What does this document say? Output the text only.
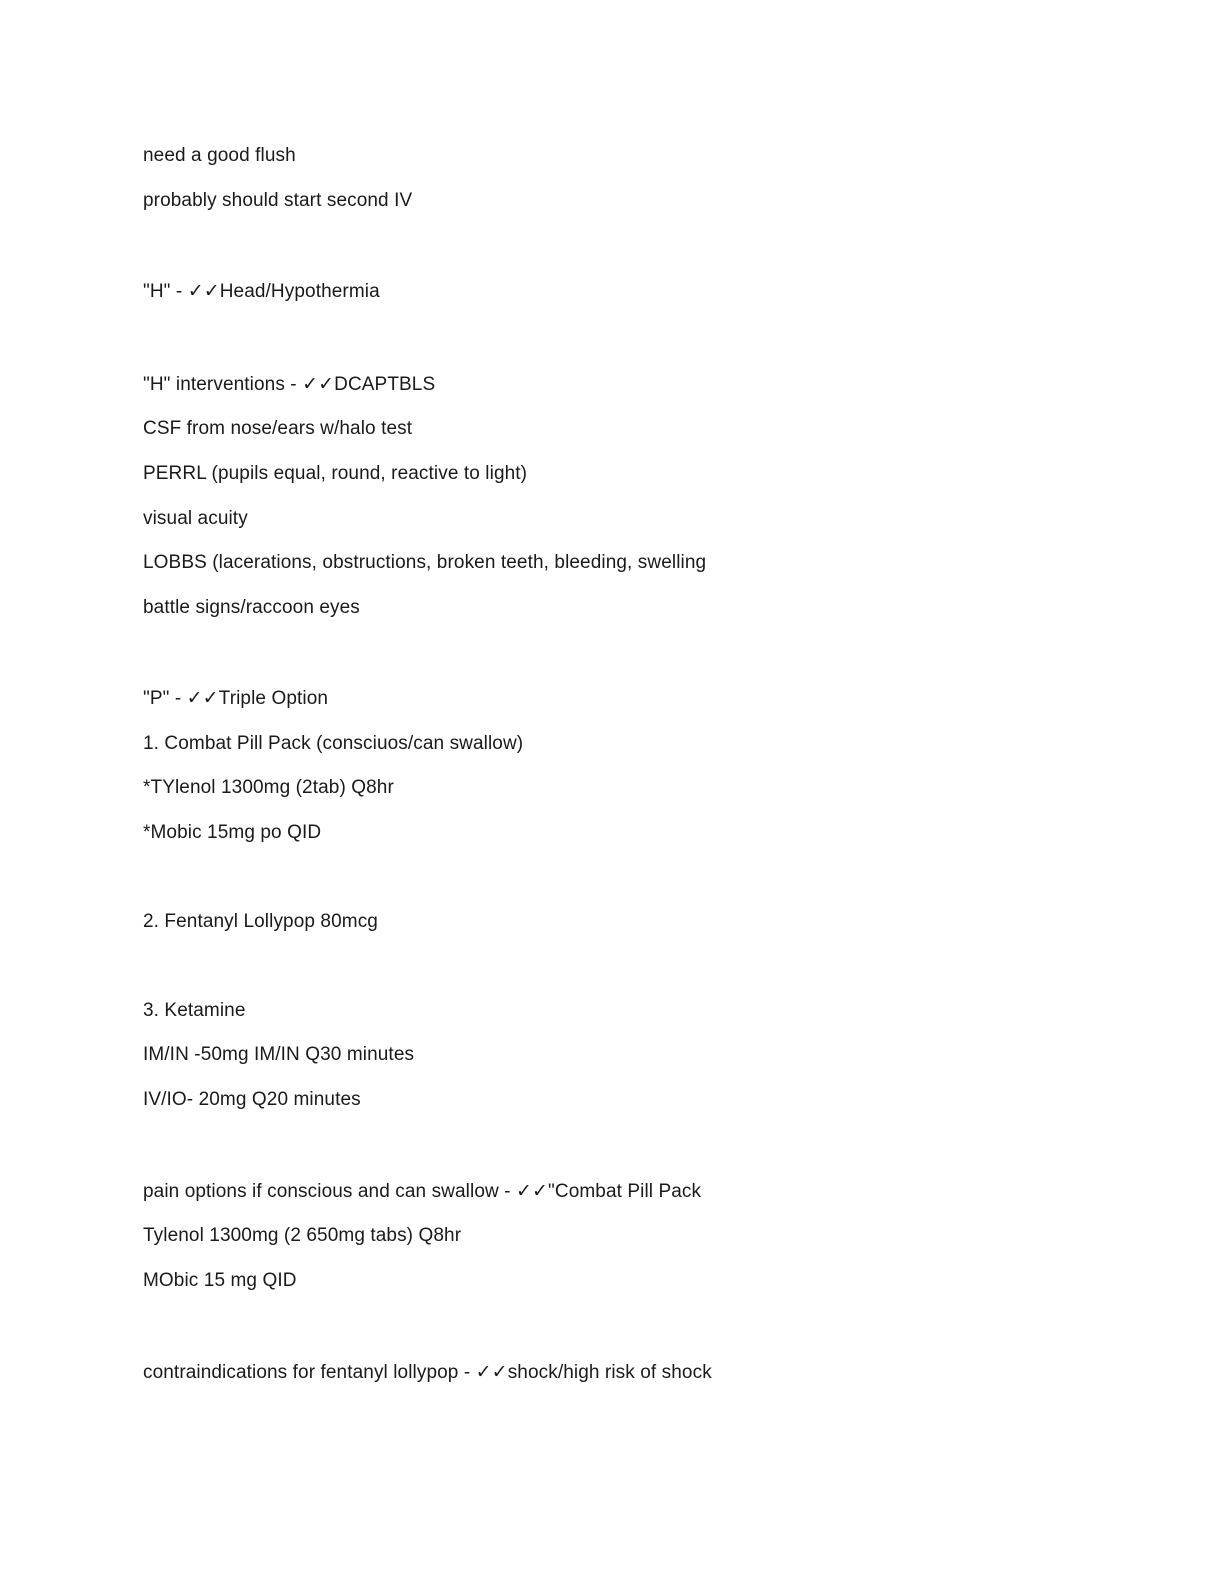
need a good flush
probably should start second IV
"H" - ✓✓Head/Hypothermia
"H" interventions - ✓✓DCAPTBLS
CSF from nose/ears w/halo test
PERRL (pupils equal, round, reactive to light)
visual acuity
LOBBS (lacerations, obstructions, broken teeth, bleeding, swelling
battle signs/raccoon eyes
"P" - ✓✓Triple Option
1. Combat Pill Pack (consciuos/can swallow)
*TYlenol 1300mg (2tab) Q8hr
*Mobic 15mg po QID
2. Fentanyl Lollypop 80mcg
3. Ketamine
IM/IN -50mg IM/IN Q30 minutes
IV/IO- 20mg Q20 minutes
pain options if conscious and can swallow - ✓✓"Combat Pill Pack
Tylenol 1300mg (2 650mg tabs) Q8hr
MObic 15 mg QID
contraindications for fentanyl lollypop - ✓✓shock/high risk of shock
